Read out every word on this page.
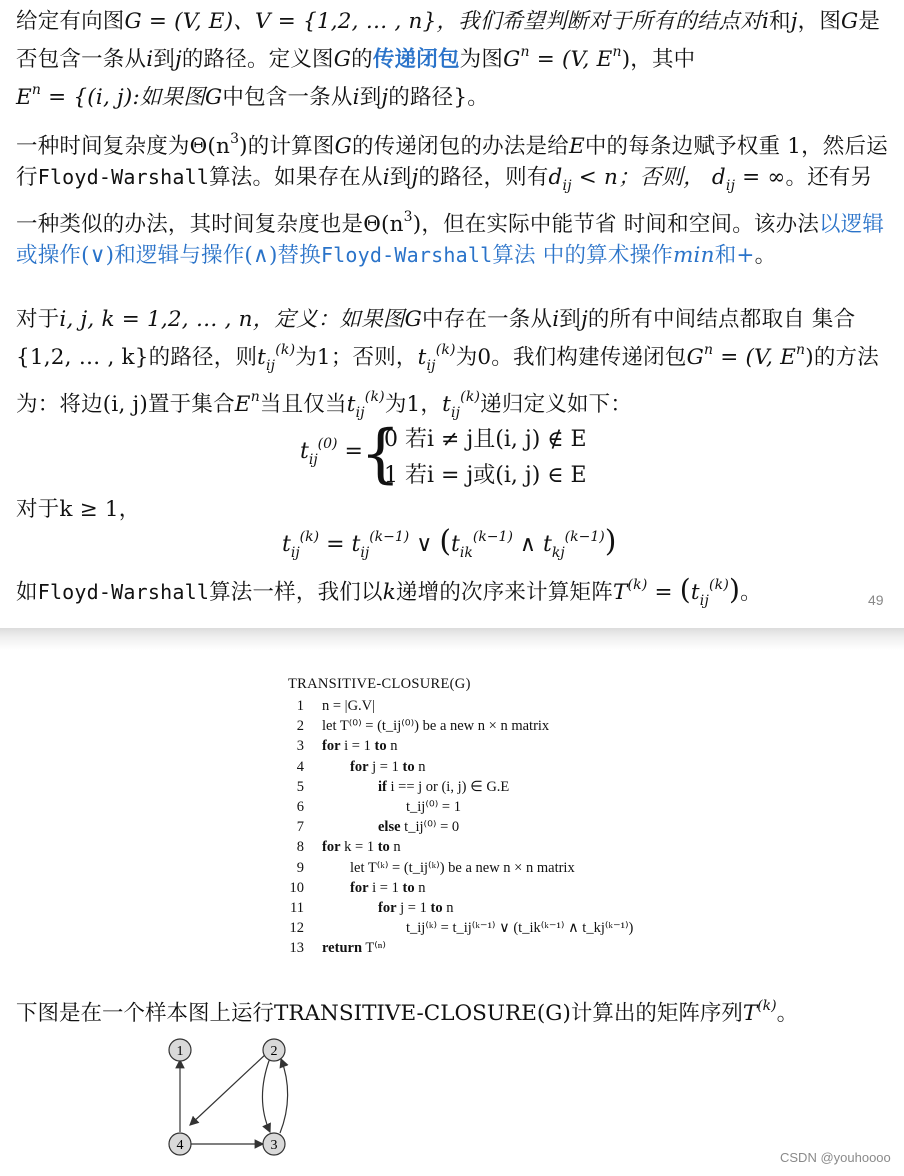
给定有向图G = (V, E)、V = {1,2, … , n}，我们希望判断对于所有的结点对i和j，图G是否包含一条从i到j的路径。定义图G的传递闭包为图$G^n = (V$, $E^n$)，其中
$E^n = \{(i$, j):如果图G中包含一条从i到j的路径}。
一种时间复杂度为$\Theta(n^3)$的计算图G的传递闭包的办法是给E中的每条边赋予权重 1，然后运行Floyd-Warshall算法。如果存在从i到j的路径，则有$d_{ij} < n$；否则， $d_{ij}$ = ∞。还有另一种类似的办法，其时间复杂度也是$\Theta(n^3)$，但在实际中能节省 时间和空间。该办法以逻辑或操作(∨)和逻辑与操作(∧)替换Floyd-Warshall算法 中的算术操作min和+。
对于i, j, k = 1,2, … , n，定义：如果图G中存在一条从i到j的所有中间结点都取自 集合{1,2, … , k}的路径，则$t_{ij}^{(k)}$为1；否则，$t_{ij}^{(k)}$为0。我们构建传递闭包$G^n = (V$, $E^n$)的方法为：将边(i, j)置于集合$E^n$当且仅当$t_{ij}^{(k)}$为1，$t_{ij}^{(k)}$递归定义如下：
$t_{ij}^{(0)}$ =
{
0 若i ≠ j且(i, j) ∉ E
1 若i = j或(i, j) ∈ E
对于k ≥ 1，
$t_{ij}^{(k)} = t_{ij}^{(k-1)}$ ∨ ($t_{ik}^{(k-1)}$ ∧ $t_{kj}^{(k-1)}$)
如Floyd-Warshall算法一样，我们以k递增的次序来计算矩阵$T^{(k)} = (t_{ij}^{(k)})$。	49
TRANSITIVE-CLOSURE(G)
1 n = |G.V|
2 let T⁽⁰⁾ = (t_ij⁽⁰⁾) be a new n × n matrix
3 for i = 1 to n
4	for j = 1 to n
5	if i == j or (i, j) ∈ G.E
6	t_ij⁽⁰⁾ = 1
7	else t_ij⁽⁰⁾ = 0
8 for k = 1 to n
9	let T⁽ᵏ⁾ = (t_ij⁽ᵏ⁾) be a new n × n matrix
10	for i = 1 to n
11	for j = 1 to n
12	t_ij⁽ᵏ⁾ = t_ij⁽ᵏ⁻¹⁾ ∨ (t_ik⁽ᵏ⁻¹⁾ ∧ t_kj⁽ᵏ⁻¹⁾)
13 return T⁽ⁿ⁾
下图是在一个样本图上运行TRANSITIVE-CLOSURE(G)计算出的矩阵序列$T^{(k)}$。
1	2
3
4
CSDN @youhoooo
